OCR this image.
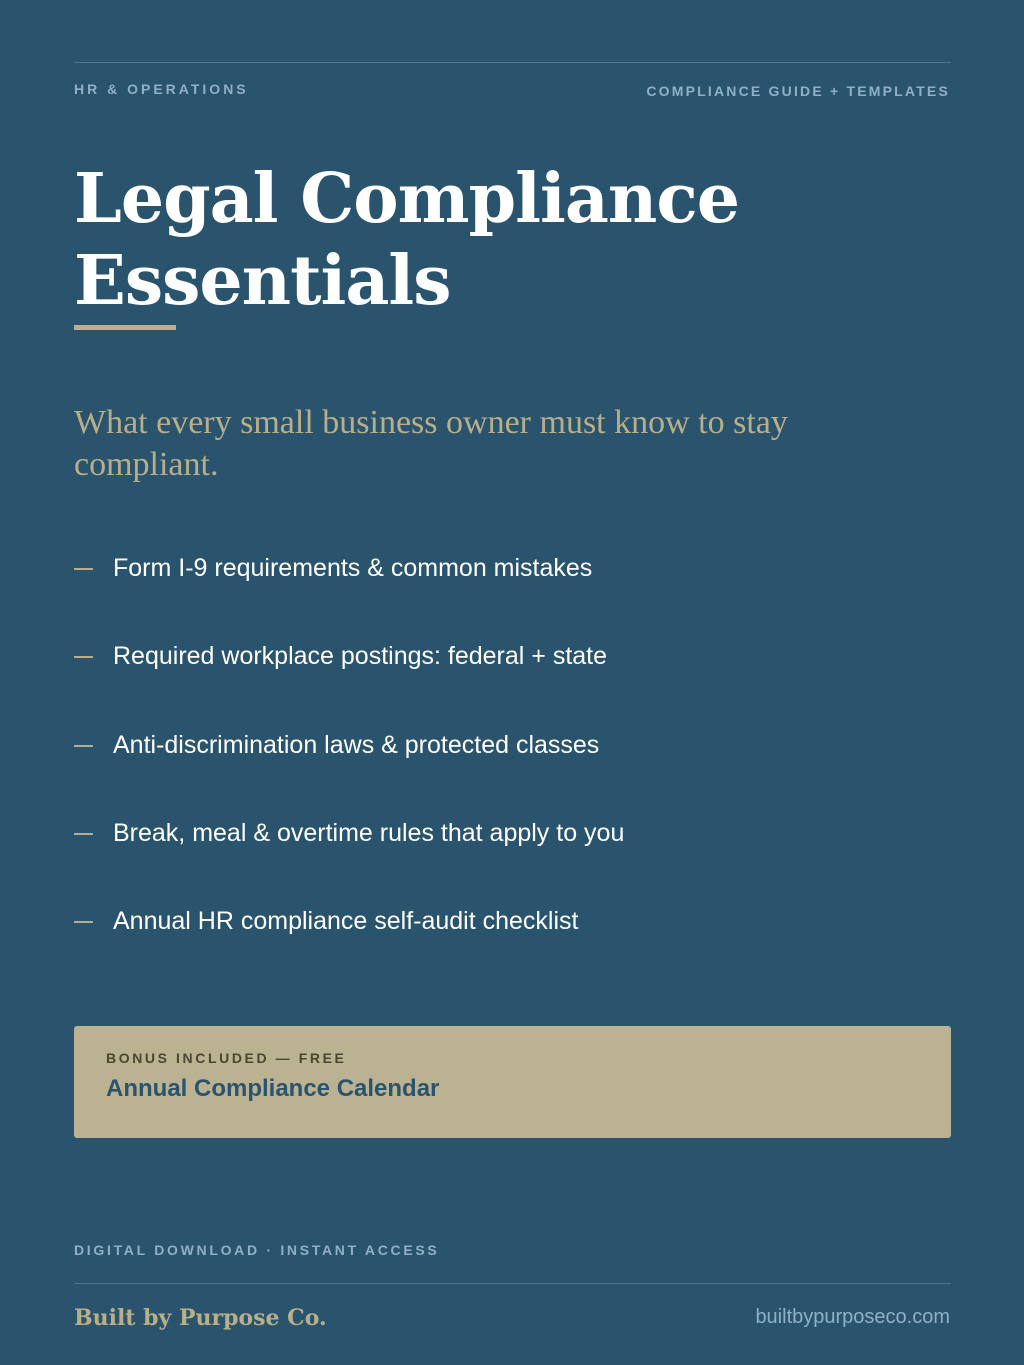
HR & OPERATIONS	COMPLIANCE GUIDE + TEMPLATES
Legal Compliance
Essentials

What every small business owner must know to stay compliant.

Form I-9 requirements & common mistakes
Required workplace postings: federal + state
Anti-discrimination laws & protected classes
Break, meal & overtime rules that apply to you
Annual HR compliance self-audit checklist
BONUS INCLUDED — FREE
Annual Compliance Calendar
DIGITAL DOWNLOAD · INSTANT ACCESS
Built by Purpose Co.	builtbypurposeco.com
